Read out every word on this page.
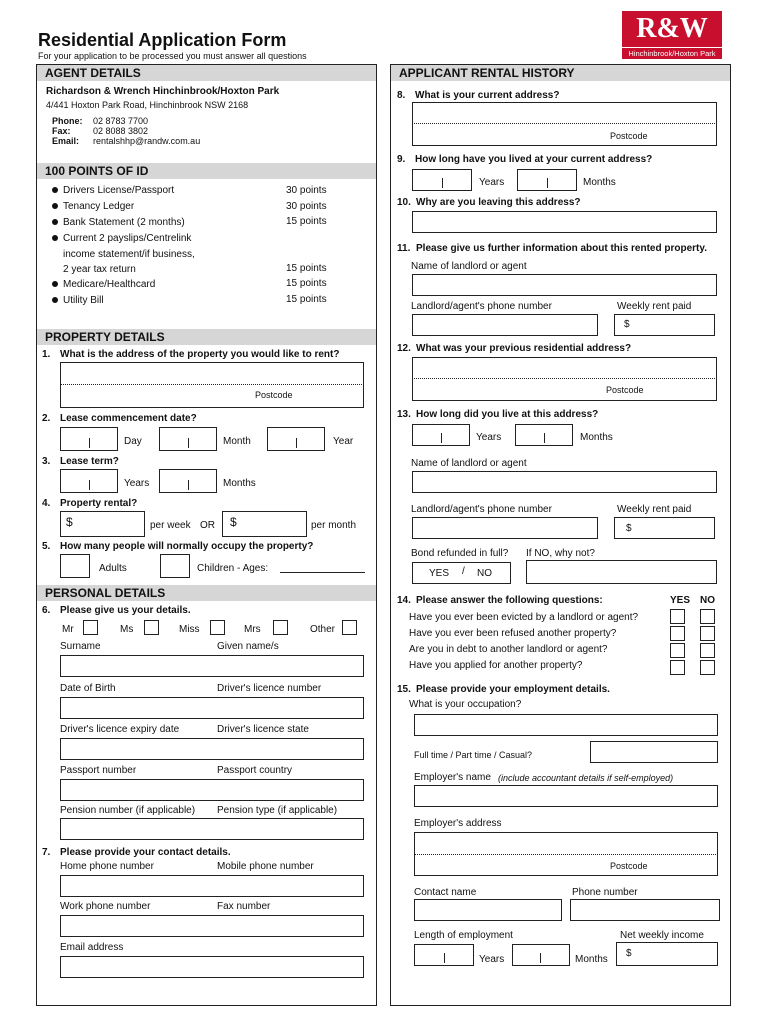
Residential Application Form
For your application to be processed you must answer all questions
R&W
Hinchinbrook/Hoxton Park
AGENT DETAILS
Richardson & Wrench Hinchinbrook/Hoxton Park
4/441 Hoxton Park Road, Hinchinbrook NSW 2168
Phone: 02 8783 7700
Fax: 02 8088 3802
Email: rentalshhp@randw.com.au
100 POINTS OF ID
Drivers License/Passport	30 points
Tenancy Ledger	30 points
Bank Statement (2 months)	15 points
Current 2 payslips/Centrelink
income statement/if business,
2 year tax return	15 points
Medicare/Healthcard	15 points
Utility Bill	15 points
PROPERTY DETAILS
1. What is the address of the property you would like to rent?
Postcode
2. Lease commencement date?
Day	Month	Year
3. Lease term?
Years	Months
4. Property rental?
$	per week OR $	per month
5. How many people will normally occupy the property?
Adults	Children - Ages:
PERSONAL DETAILS
6. Please give us your details.
Mr	Ms	Miss	Mrs	Other
Surname	Given name/s
Date of Birth	Driver's licence number
Driver's licence expiry date	Driver's licence state
Passport number	Passport country
Pension number (if applicable) Pension type (if applicable)
7. Please provide your contact details.
Home phone number	Mobile phone number
Work phone number	Fax number
Email address
APPLICANT RENTAL HISTORY
8. What is your current address?
Postcode
9. How long have you lived at your current address?
Years	Months
10. Why are you leaving this address?
11. Please give us further information about this rented property.
Name of landlord or agent
Landlord/agent's phone number	Weekly rent paid
$
12. What was your previous residential address?
Postcode
13. How long did you live at this address?
Years	Months
Name of landlord or agent
Landlord/agent's phone number	Weekly rent paid
$
Bond refunded in full? If NO, why not?
YES / NO
14. Please answer the following questions:	YES NO
Have you ever been evicted by a landlord or agent?
Have you ever been refused another property?
Are you in debt to another landlord or agent?
Have you applied for another property?
15. Please provide your employment details.
What is your occupation?
Full time / Part time / Casual?
Employer's name (include accountant details if self-employed)
Employer's address
Postcode
Contact name	Phone number
Length of employment	Net weekly income
Years	Months
$
